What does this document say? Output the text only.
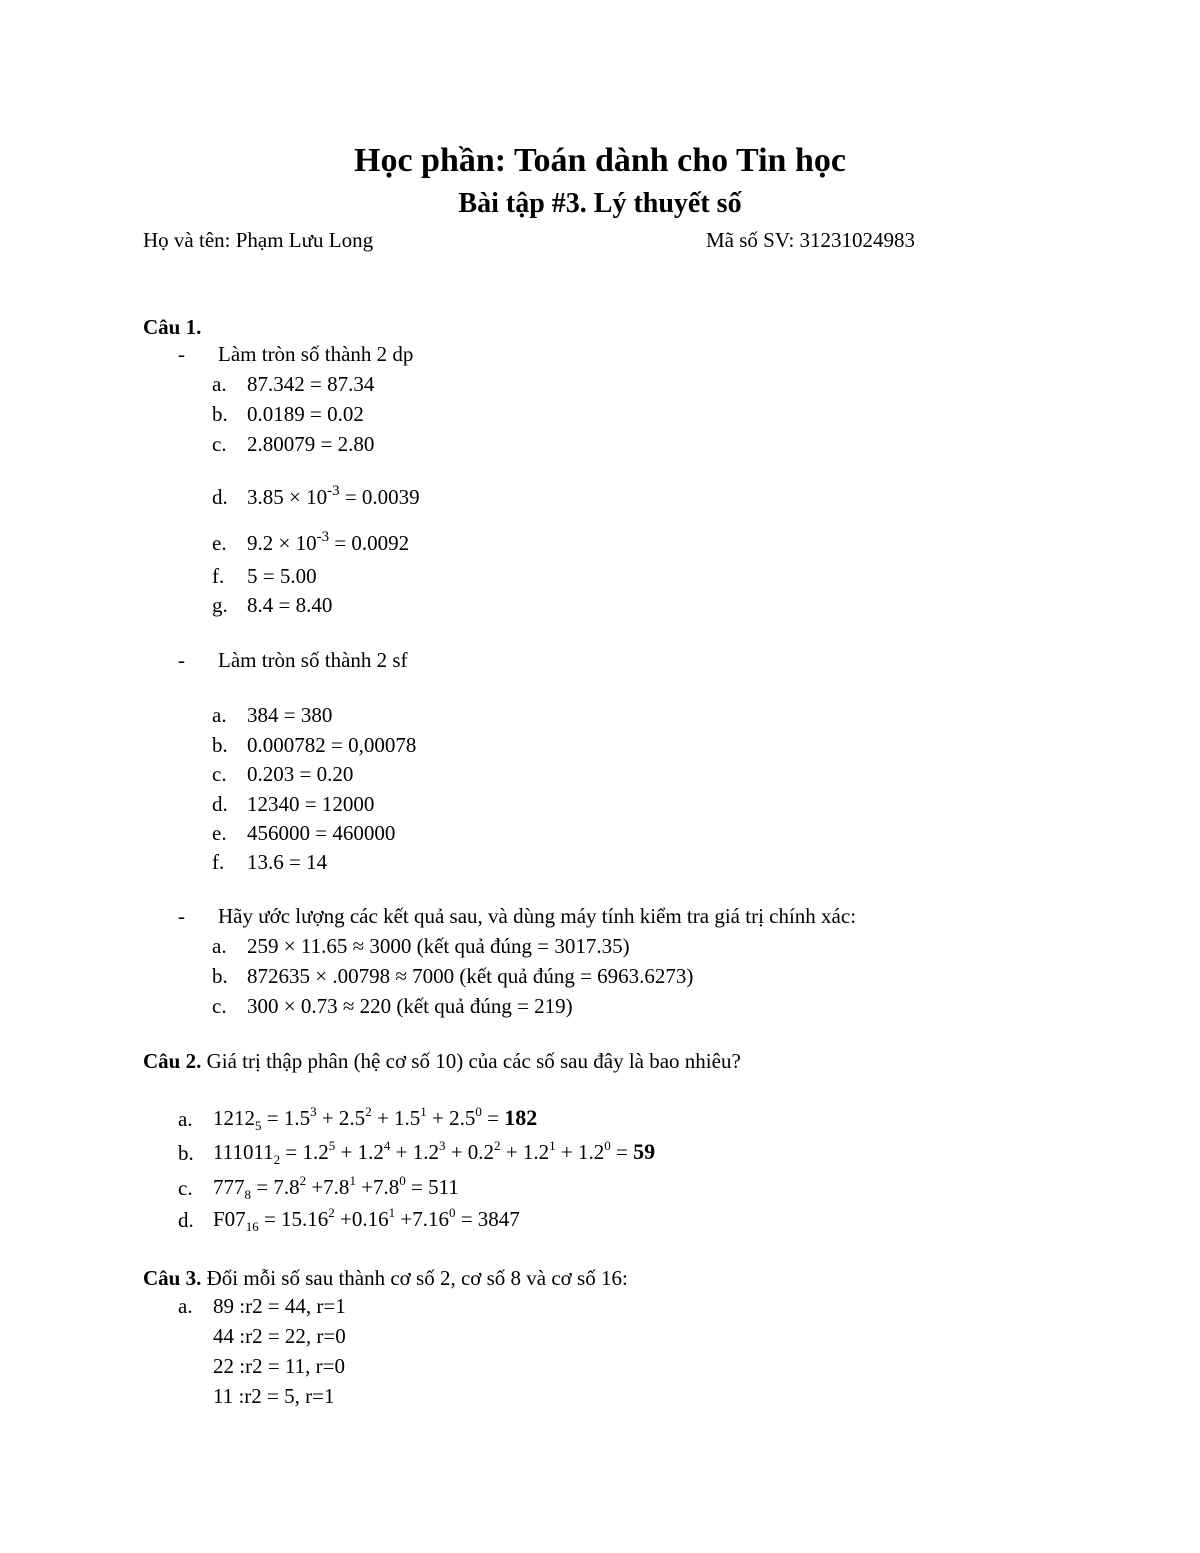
Học phần: Toán dành cho Tin học
Bài tập #3. Lý thuyết số
Họ và tên: Phạm Lưu Long	Mã số SV: 31231024983
Câu 1.
- Làm tròn số thành 2 dp
a. 87.342 = 87.34
b. 0.0189 = 0.02
c. 2.80079 = 2.80
d. $3.85 \times 10^{-3} = 0.0039$
e. $9.2 \times 10^{-3} = 0.0092$
f. 5 = 5.00
g. 8.4 = 8.40
- Làm tròn số thành 2 sf
a. 384 = 380
b. 0.000782 = 0,00078
c. 0.203 = 0.20
d. 12340 = 12000
e. 456000 = 460000
f. 13.6 = 14
- Hãy ước lượng các kết quả sau, và dùng máy tính kiểm tra giá trị chính xác:
a. 259 × 11.65 ≈ 3000 (kết quả đúng = 3017.35)
b. 872635 × .00798 ≈ 7000 (kết quả đúng = 6963.6273)
c. 300 × 0.73 ≈ 220 (kết quả đúng = 219)
Câu 2. Giá trị thập phân (hệ cơ số 10) của các số sau đây là bao nhiêu?
a. $1212_5 = 1.5^3 + 2.5^2 + 1.5^1 + 2.5^0 = 182$
b. $111011_2 = 1.2^5 + 1.2^4 + 1.2^3 + 0.2^2 + 1.2^1 + 1.2^0 = 59$
c. $777_8 = 7.8^2 +7.8^1 +7.8^0 = 511$
d. $F07_{16} = 15.16^2 +0.16^1 +7.16^0 = 3847$
Câu 3. Đổi mỗi số sau thành cơ số 2, cơ số 8 và cơ số 16:
a. 89 :r2 = 44, r=1
44 :r2 = 22, r=0
22 :r2 = 11, r=0
11 :r2 = 5, r=1
